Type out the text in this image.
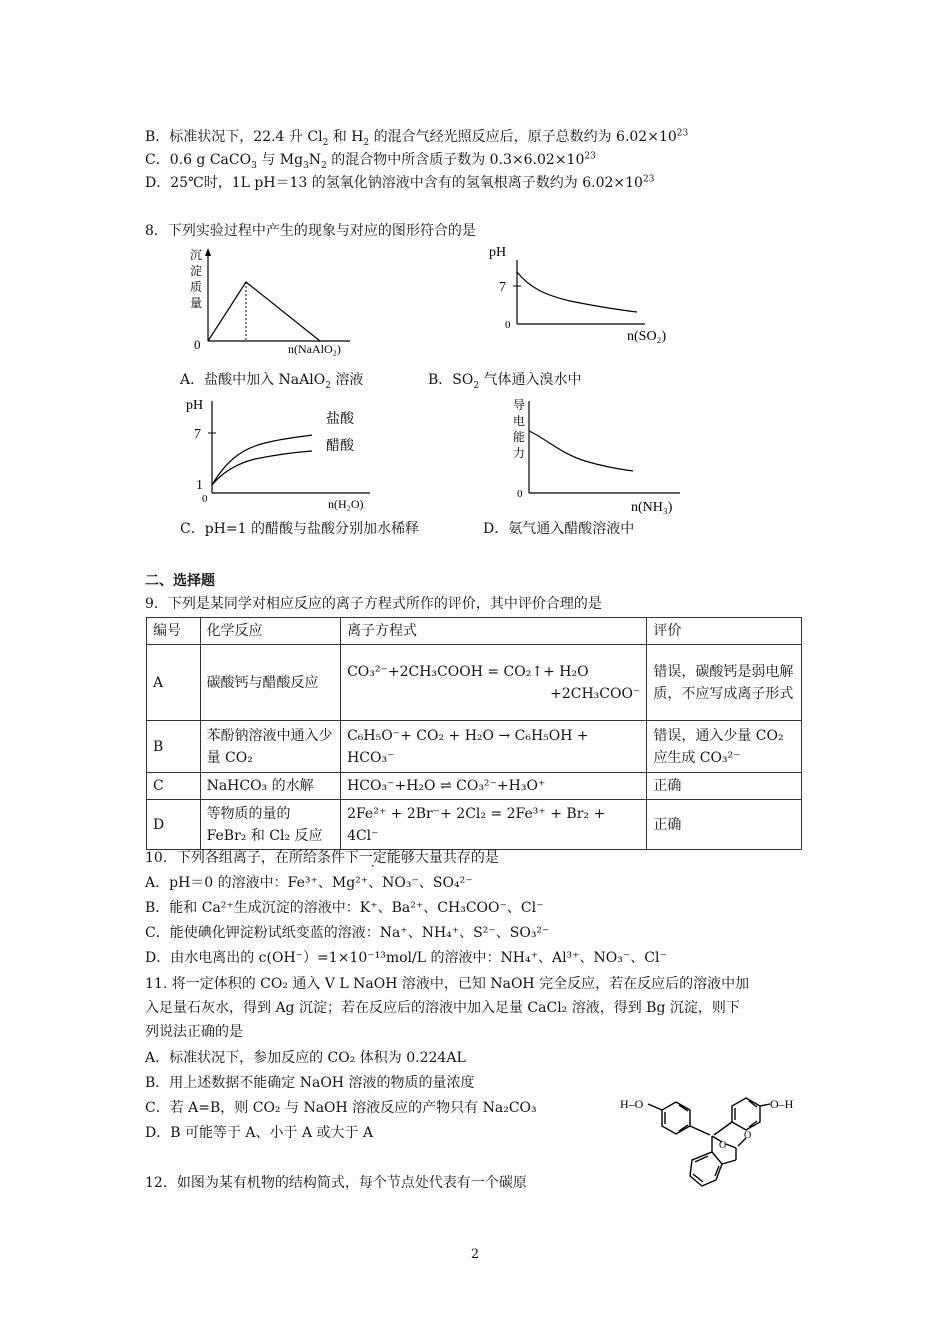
B．标准状况下，22.4 升 $Cl_2$ 和 $H_2$ 的混合气经光照反应后，原子总数约为 $6.02\times 10^{23}$
C．0.6 g CaCO$_3$ 与 $Mg_3N_2$ 的混合物中所含质子数为 $0.3\times 6.02\times 10^{23}$
D．25℃时，1L pH＝13 的氢氧化钠溶液中含有的氢氧根离子数约为 $6.02\times 10^{23}$
8．下列实验过程中产生的现象与对应的图形符合的是
沉
淀
质
量
0	n(NaAlO₂)
A．盐酸中加入 NaAlO$_2$ 溶液
pH
7
0
n(SO₂)
B．$SO_2$ 气体通入溴水中
pH
7
1
0
盐酸
醋酸
n(H₂O)
C．pH=1 的醋酸与盐酸分别加水稀释
导
电
能
力
0
n(NH₃)
D．氨气通入醋酸溶液中
二、选择题
9．下列是某同学对相应反应的离子方程式所作的评价，其中评价合理的是
编号	化学反应	离子方程式	评价
A	碳酸钙与醋酸反应	CO₃²⁻+2CH₃COOH = CO₂↑+ H₂O
+2CH₃COO⁻	错误，碳酸钙是弱电解质，不应写成离子形式
B	苯酚钠溶液中通入少量 CO₂	C₆H₅O⁻+ CO₂ + H₂O → C₆H₅OH + HCO₃⁻	错误，通入少量 CO₂ 应生成 CO₃²⁻
C	NaHCO₃ 的水解	HCO₃⁻+H₂O ⇌ CO₃²⁻+H₃O⁺	正确
D	等物质的量的 FeBr₂ 和 Cl₂ 反应	2Fe²⁺ + 2Br⁻+ 2Cl₂ = 2Fe³⁺ + Br₂ + 4Cl⁻	正确
10．下列各组离子，在所给条件下一定能够大量共存的是
A．pH＝0 的溶液中：Fe³⁺、Mg²⁺、NO₃⁻、SO₄²⁻
B．能和 Ca²⁺生成沉淀的溶液中：K⁺、Ba²⁺、CH₃COO⁻、Cl⁻
C．能使碘化钾淀粉试纸变蓝的溶液：Na⁺、NH₄⁺、S²⁻、SO₃²⁻
D．由水电离出的 c(OH⁻）=1×10⁻¹³mol/L 的溶液中：NH₄⁺、Al³⁺、NO₃⁻、Cl⁻
11. 将一定体积的 CO₂ 通入 V L NaOH 溶液中，已知 NaOH 完全反应，若在反应后的溶液中加
入足量石灰水，得到 Ag 沉淀；若在反应后的溶液中加入足量 CaCl₂ 溶液，得到 Bg 沉淀，则下
列说法正确的是
A．标准状况下，参加反应的 CO₂ 体积为 0.224AL
B．用上述数据不能确定 NaOH 溶液的物质的量浓度
C．若 A=B，则 CO₂ 与 NaOH 溶液反应的产物只有 Na₂CO₃
D．B 可能等于 A、小于 A 或大于 A
12．如图为某有机物的结构简式，每个节点处代表有一个碳原
H–O	O–H
O
O
2
